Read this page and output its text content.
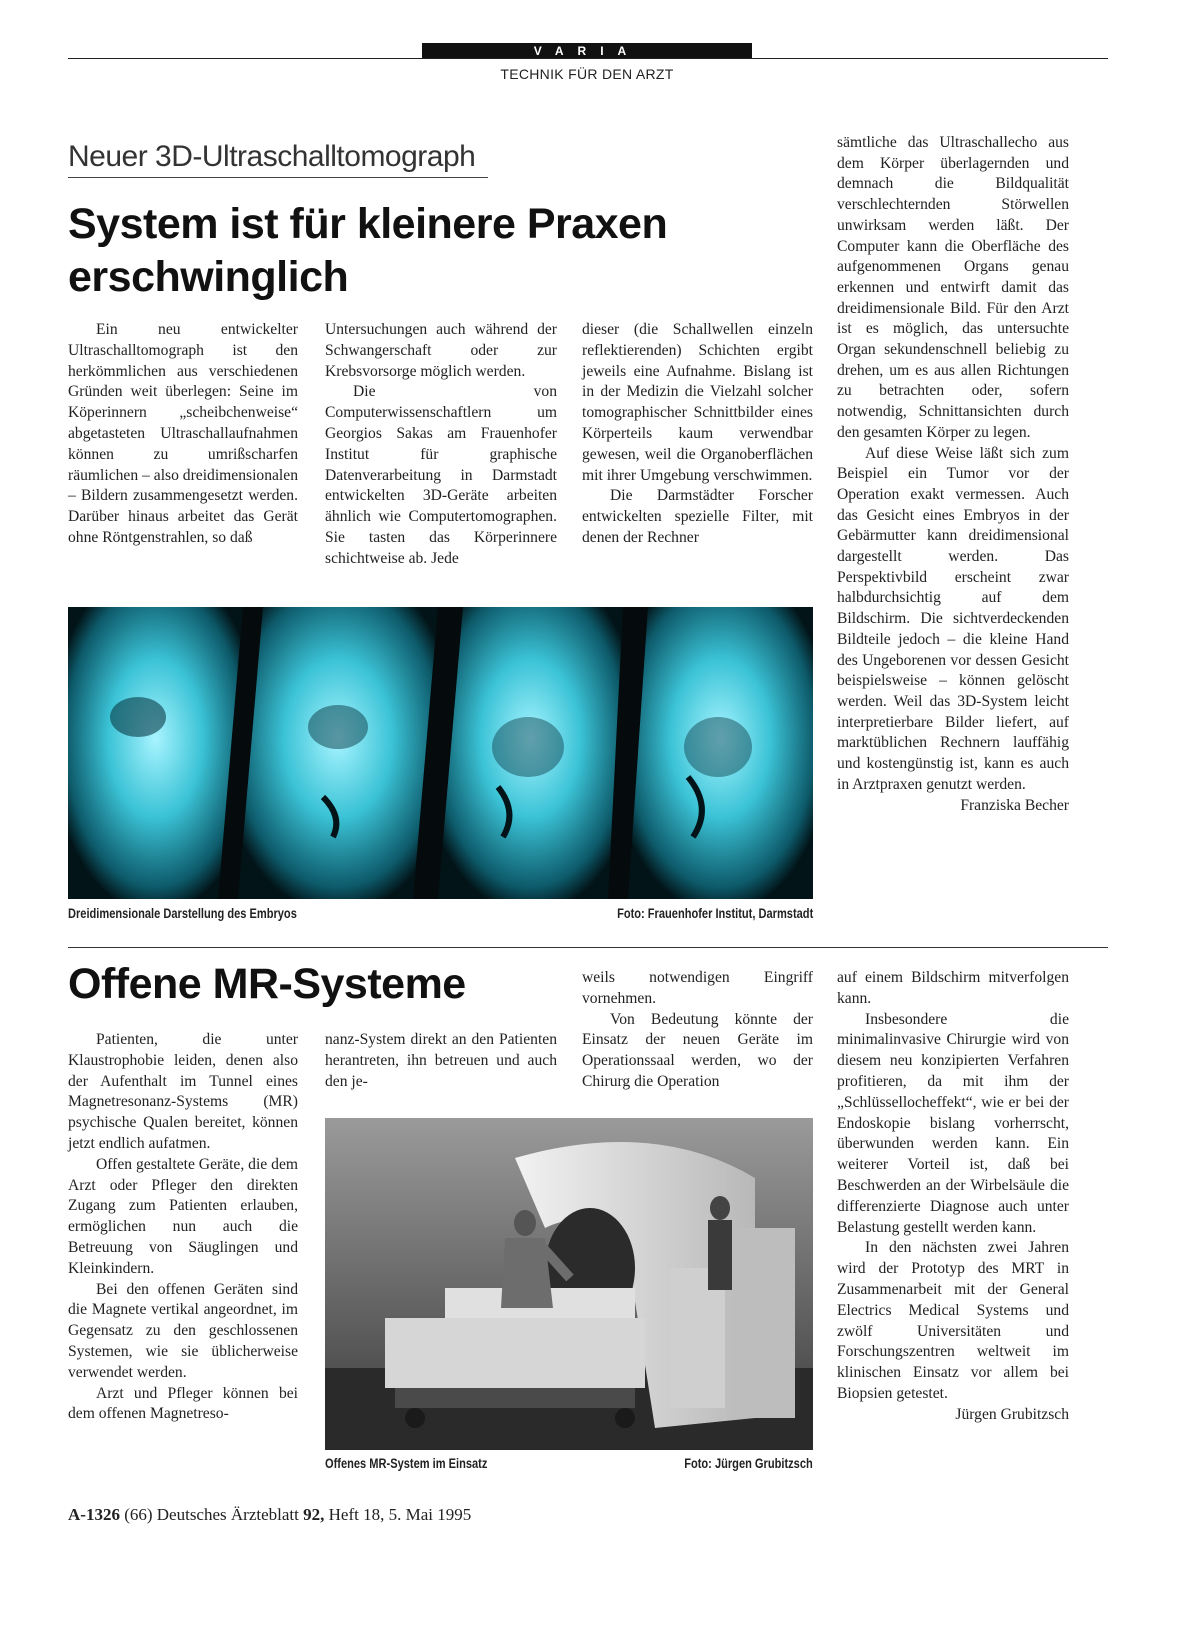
VARIA
TECHNIK FÜR DEN ARZT
Neuer 3D-Ultraschalltomograph
System ist für kleinere Praxen erschwinglich

Ein neu entwickelter Ultraschalltomograph ist den herkömmlichen aus verschiedenen Gründen weit überlegen: Seine im Köperinnern „scheibchenweise“ abgetasteten Ultraschallaufnahmen können zu umrißscharfen räumlichen – also dreidimensionalen – Bildern zusammengesetzt werden. Darüber hinaus arbeitet das Gerät ohne Röntgenstrahlen, so daß

Untersuchungen auch während der Schwangerschaft oder zur Krebsvorsorge möglich werden.

Die von Computerwissenschaftlern um Georgios Sakas am Frauenhofer Institut für graphische Datenverarbeitung in Darmstadt entwickelten 3D-Geräte arbeiten ähnlich wie Computertomographen. Sie tasten das Körperinnere schichtweise ab. Jede

dieser (die Schallwellen einzeln reflektierenden) Schichten ergibt jeweils eine Aufnahme. Bislang ist in der Medizin die Vielzahl solcher tomographischer Schnittbilder eines Körperteils kaum verwendbar gewesen, weil die Organoberflächen mit ihrer Umgebung verschwimmen.

Die Darmstädter Forscher entwickelten spezielle Filter, mit denen der Rechner

sämtliche das Ultraschallecho aus dem Körper überlagernden und demnach die Bildqualität verschlechternden Störwellen unwirksam werden läßt. Der Computer kann die Oberfläche des aufgenommenen Organs genau erkennen und entwirft damit das dreidimensionale Bild. Für den Arzt ist es möglich, das untersuchte Organ sekundenschnell beliebig zu drehen, um es aus allen Richtungen zu betrachten oder, sofern notwendig, Schnittansichten durch den gesamten Körper zu legen.

Auf diese Weise läßt sich zum Beispiel ein Tumor vor der Operation exakt vermessen. Auch das Gesicht eines Embryos in der Gebärmutter kann dreidimensional dargestellt werden. Das Perspektivbild erscheint zwar halbdurchsichtig auf dem Bildschirm. Die sichtverdeckenden Bildteile jedoch – die kleine Hand des Ungeborenen vor dessen Gesicht beispielsweise – können gelöscht werden. Weil das 3D-System leicht interpretierbare Bilder liefert, auf marktüblichen Rechnern lauffähig und kostengünstig ist, kann es auch in Arztpraxen genutzt werden.

Franziska Becher

Dreidimensionale Darstellung des Embryos	Foto: Frauenhofer Institut, Darmstadt
Offene MR-Systeme

Patienten, die unter Klaustrophobie leiden, denen also der Aufenthalt im Tunnel eines Magnetresonanz-Systems (MR) psychische Qualen bereitet, können jetzt endlich aufatmen.

Offen gestaltete Geräte, die dem Arzt oder Pfleger den direkten Zugang zum Patienten erlauben, ermöglichen nun auch die Betreuung von Säuglingen und Kleinkindern.

Bei den offenen Geräten sind die Magnete vertikal angeordnet, im Gegensatz zu den geschlossenen Systemen, wie sie üblicherweise verwendet werden.

Arzt und Pfleger können bei dem offenen Magnetreso-

nanz-System direkt an den Patienten herantreten, ihn betreuen und auch den je-

weils notwendigen Eingriff vornehmen.

Von Bedeutung könnte der Einsatz der neuen Geräte im Operationssaal werden, wo der Chirurg die Operation

auf einem Bildschirm mitverfolgen kann.

Insbesondere die minimalinvasive Chirurgie wird von diesem neu konzipierten Verfahren profitieren, da mit ihm der „Schlüssellocheffekt“, wie er bei der Endoskopie bislang vorherrscht, überwunden werden kann. Ein weiterer Vorteil ist, daß bei Beschwerden an der Wirbelsäule die differenzierte Diagnose auch unter Belastung gestellt werden kann.

In den nächsten zwei Jahren wird der Prototyp des MRT in Zusammenarbeit mit der General Electrics Medical Systems und zwölf Universitäten und Forschungszentren weltweit im klinischen Einsatz vor allem bei Biopsien getestet.

Jürgen Grubitzsch

Offenes MR-System im Einsatz	Foto: Jürgen Grubitzsch
A-1326 (66) Deutsches Ärzteblatt 92, Heft 18, 5. Mai 1995
